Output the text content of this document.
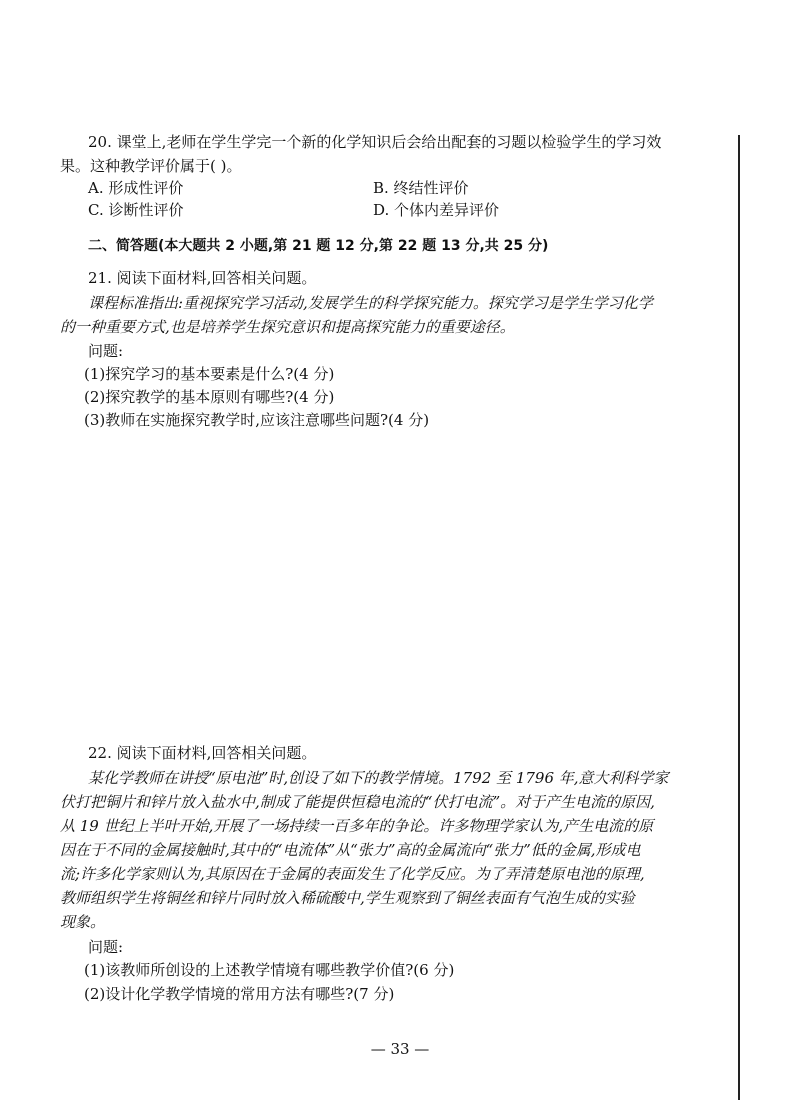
20. 课堂上,老师在学生学完一个新的化学知识后会给出配套的习题以检验学生的学习效
果。这种教学评价属于( )。
A. 形成性评价	B. 终结性评价
C. 诊断性评价	D. 个体内差异评价
二、简答题(本大题共 2 小题,第 21 题 12 分,第 22 题 13 分,共 25 分)
21. 阅读下面材料,回答相关问题。
课程标准指出:重视探究学习活动,发展学生的科学探究能力。探究学习是学生学习化学
的一种重要方式,也是培养学生探究意识和提高探究能力的重要途径。
问题:
(1)探究学习的基本要素是什么?(4 分)
(2)探究教学的基本原则有哪些?(4 分)
(3)教师在实施探究教学时,应该注意哪些问题?(4 分)
22. 阅读下面材料,回答相关问题。
某化学教师在讲授“原电池”时,创设了如下的教学情境。1792 至 1796 年,意大利科学家
伏打把铜片和锌片放入盐水中,制成了能提供恒稳电流的“伏打电流”。对于产生电流的原因,
从 19 世纪上半叶开始,开展了一场持续一百多年的争论。许多物理学家认为,产生电流的原
因在于不同的金属接触时,其中的“电流体”从“张力”高的金属流向“张力”低的金属,形成电
流;许多化学家则认为,其原因在于金属的表面发生了化学反应。为了弄清楚原电池的原理,
教师组织学生将铜丝和锌片同时放入稀硫酸中,学生观察到了铜丝表面有气泡生成的实验
现象。
问题:
(1)该教师所创设的上述教学情境有哪些教学价值?(6 分)
(2)设计化学教学情境的常用方法有哪些?(7 分)
— 33 —
